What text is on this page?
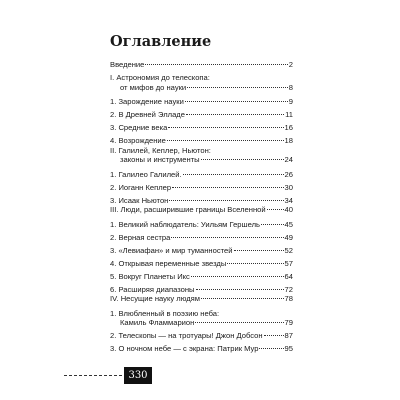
Оглавление
Введение	2
I. Астрономия до телескопа:
от мифов до науки	8
1. Зарождение науки	9
2. В Древней Элладе	11
3. Средние века	16
4. Возрождение	18
II. Галилей, Кеплер, Ньютон:
законы и инструменты	24
1. Галилео Галилей.	26
2. Иоганн Кеплер	30
3. Исаак Ньютон	34
III. Люди, расширившие границы Вселенной 40
1. Великий наблюдатель: Уильям Гершель	45
2. Верная сестра	49
3. «Левиафан» и мир туманностей	52
4. Открывая переменные звезды	57
5. Вокруг Планеты Икс	64
6. Расширяя диапазоны	72
IV. Несущие науку людям	78
1. Влюбленный в поэзию неба:
Камиль Фламмарион	79
2. Телескопы — на тротуары! Джон Добсон	87
3. О ночном небе — с экрана: Патрик Мур	95
330
